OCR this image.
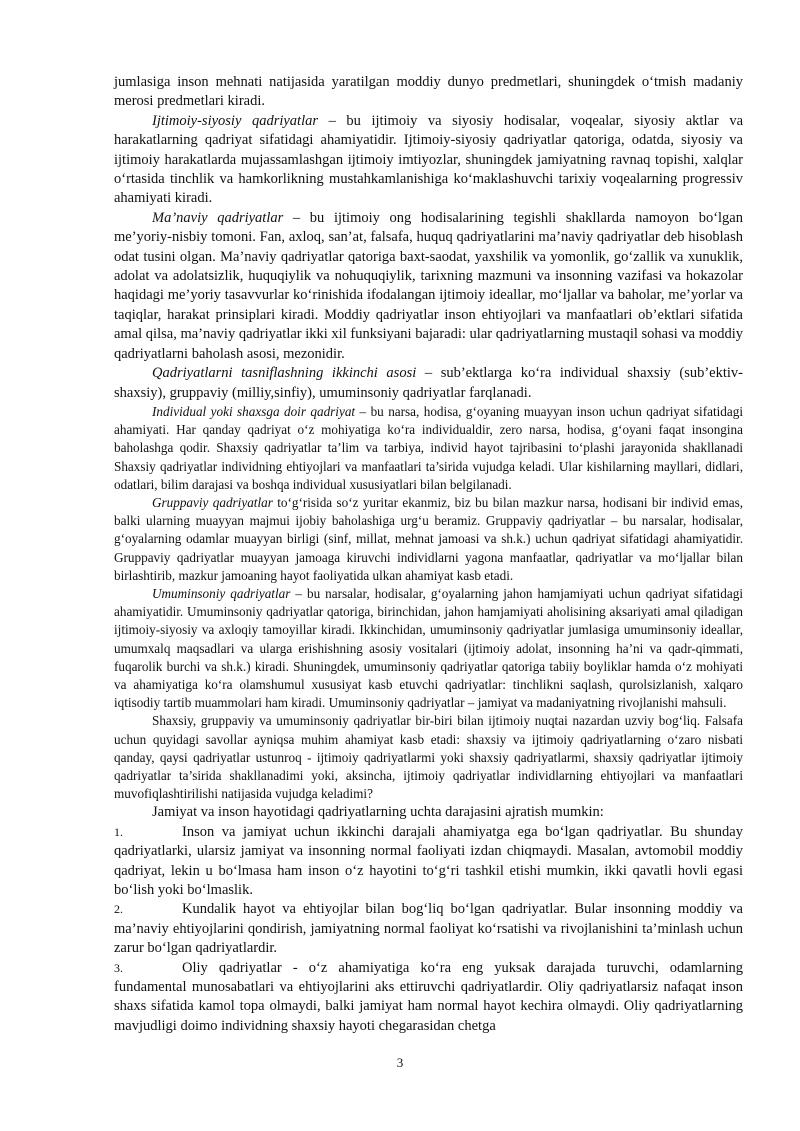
jumlasiga inson mehnati natijasida yaratilgan moddiy dunyo predmetlari, shuningdek o‘tmish madaniy merosi predmetlari kiradi.

Ijtimoiy-siyosiy qadriyatlar – bu ijtimoiy va siyosiy hodisalar, voqealar, siyosiy aktlar va harakatlarning qadriyat sifatidagi ahamiyatidir. Ijtimoiy-siyosiy qadriyatlar qatoriga, odatda, siyosiy va ijtimoiy harakatlarda mujassamlashgan ijtimoiy imtiyozlar, shuningdek jamiyatning ravnaq topishi, xalqlar o‘rtasida tinchlik va hamkorlikning mustahkamlanishiga ko‘maklashuvchi tarixiy voqealarning progressiv ahamiyati kiradi.

Ma’naviy qadriyatlar – bu ijtimoiy ong hodisalarining tegishli shakllarda namoyon bo‘lgan me’yoriy-nisbiy tomoni. Fan, axloq, san’at, falsafa, huquq qadriyatlarini ma’naviy qadriyatlar deb hisoblash odat tusini olgan. Ma’naviy qadriyatlar qatoriga baxt-saodat, yaxshilik va yomonlik, go‘zallik va xunuklik, adolat va adolatsizlik, huquqiylik va nohuquqiylik, tarixning mazmuni va insonning vazifasi va hokazolar haqidagi me’yoriy tasavvurlar ko‘rinishida ifodalangan ijtimoiy ideallar, mo‘ljallar va baholar, me’yorlar va taqiqlar, harakat prinsiplari kiradi. Moddiy qadriyatlar inson ehtiyojlari va manfaatlari ob’ektlari sifatida amal qilsa, ma’naviy qadriyatlar ikki xil funksiyani bajaradi: ular qadriyatlarning mustaqil sohasi va moddiy qadriyatlarni baholash asosi, mezonidir.

Qadriyatlarni tasniflashning ikkinchi asosi – sub’ektlarga ko‘ra individual shaxsiy (sub’ektiv-shaxsiy), gruppaviy (milliy,sinfiy), umuminsoniy qadriyatlar farqlanadi.

Individual yoki shaxsga doir qadriyat – bu narsa, hodisa, g‘oyaning muayyan inson uchun qadriyat sifatidagi ahamiyati. Har qanday qadriyat o‘z mohiyatiga ko‘ra individualdir, zero narsa, hodisa, g‘oyani faqat insongina baholashga qodir. Shaxsiy qadriyatlar ta’lim va tarbiya, individ hayot tajribasini to‘plashi jarayonida shakllanadi Shaxsiy qadriyatlar individning ehtiyojlari va manfaatlari ta’sirida vujudga keladi. Ular kishilarning mayllari, didlari, odatlari, bilim darajasi va boshqa individual xususiyatlari bilan belgilanadi.

Gruppaviy qadriyatlar to‘g‘risida so‘z yuritar ekanmiz, biz bu bilan mazkur narsa, hodisani bir individ emas, balki ularning muayyan majmui ijobiy baholashiga urg‘u beramiz. Gruppaviy qadriyatlar – bu narsalar, hodisalar, g‘oyalarning odamlar muayyan birligi (sinf, millat, mehnat jamoasi va sh.k.) uchun qadriyat sifatidagi ahamiyatidir. Gruppaviy qadriyatlar muayyan jamoaga kiruvchi individlarni yagona manfaatlar, qadriyatlar va mo‘ljallar bilan birlashtirib, mazkur jamoaning hayot faoliyatida ulkan ahamiyat kasb etadi.

Umuminsoniy qadriyatlar – bu narsalar, hodisalar, g‘oyalarning jahon hamjamiyati uchun qadriyat sifatidagi ahamiyatidir. Umuminsoniy qadriyatlar qatoriga, birinchidan, jahon hamjamiyati aholisining aksariyati amal qiladigan ijtimoiy-siyosiy va axloqiy tamoyillar kiradi. Ikkinchidan, umuminsoniy qadriyatlar jumlasiga umuminsoniy ideallar, umumxalq maqsadlari va ularga erishishning asosiy vositalari (ijtimoiy adolat, insonning ha’ni va qadr-qimmati, fuqarolik burchi va sh.k.) kiradi. Shuningdek, umuminsoniy qadriyatlar qatoriga tabiiy boyliklar hamda o‘z mohiyati va ahamiyatiga ko‘ra olamshumul xususiyat kasb etuvchi qadriyatlar: tinchlikni saqlash, qurolsizlanish, xalqaro iqtisodiy tartib muammolari ham kiradi. Umuminsoniy qadriyatlar – jamiyat va madaniyatning rivojlanishi mahsuli.

Shaxsiy, gruppaviy va umuminsoniy qadriyatlar bir-biri bilan ijtimoiy nuqtai nazardan uzviy bog‘liq. Falsafa uchun quyidagi savollar ayniqsa muhim ahamiyat kasb etadi: shaxsiy va ijtimoiy qadriyatlarning o‘zaro nisbati qanday, qaysi qadriyatlar ustunroq - ijtimoiy qadriyatlarmi yoki shaxsiy qadriyatlarmi, shaxsiy qadriyatlar ijtimoiy qadriyatlar ta’sirida shakllanadimi yoki, aksincha, ijtimoiy qadriyatlar individlarning ehtiyojlari va manfaatlari muvofiqlashtirilishi natijasida vujudga keladimi?

Jamiyat va inson hayotidagi qadriyatlarning uchta darajasini ajratish mumkin:

1.	Inson va jamiyat uchun ikkinchi darajali ahamiyatga ega bo‘lgan qadriyatlar. Bu shunday qadriyatlarki, ularsiz jamiyat va insonning normal faoliyati izdan chiqmaydi. Masalan, avtomobil moddiy qadriyat, lekin u bo‘lmasa ham inson o‘z hayotini to‘g‘ri tashkil etishi mumkin, ikki qavatli hovli egasi bo‘lish yoki bo‘lmaslik.

2.	Kundalik hayot va ehtiyojlar bilan bog‘liq bo‘lgan qadriyatlar. Bular insonning moddiy va ma’naviy ehtiyojlarini qondirish, jamiyatning normal faoliyat ko‘rsatishi va rivojlanishini ta’minlash uchun zarur bo‘lgan qadriyatlardir.

3.	Oliy qadriyatlar - o‘z ahamiyatiga ko‘ra eng yuksak darajada turuvchi, odamlarning fundamental munosabatlari va ehtiyojlarini aks ettiruvchi qadriyatlardir. Oliy qadriyatlarsiz nafaqat inson shaxs sifatida kamol topa olmaydi, balki jamiyat ham normal hayot kechira olmaydi. Oliy qadriyatlarning mavjudligi doimo individning shaxsiy hayoti chegarasidan chetga

3
